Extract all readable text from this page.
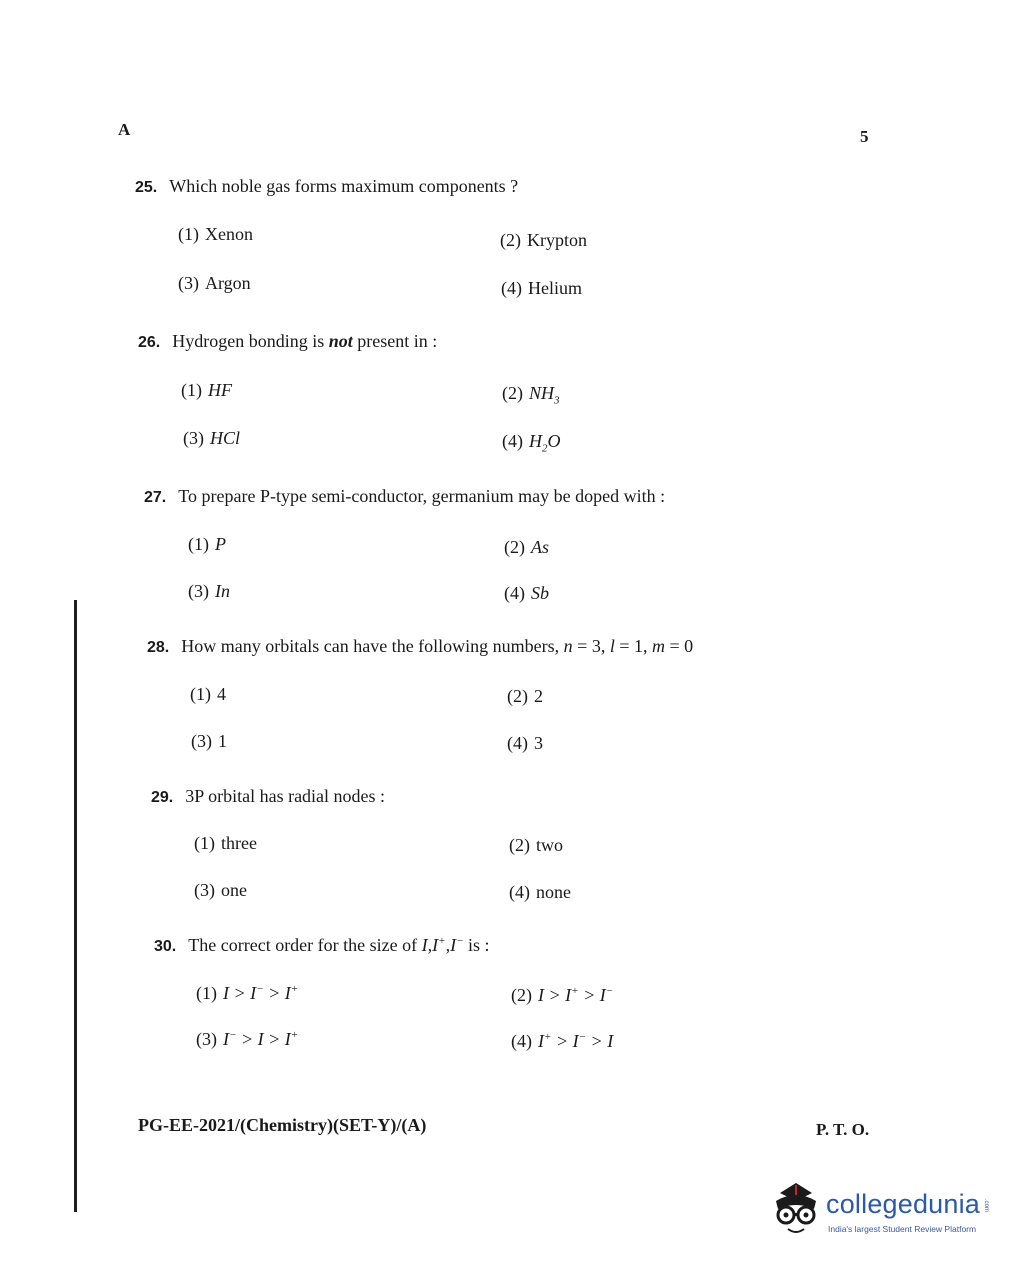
A	5
25. Which noble gas forms maximum components ?
(1) Xenon	(2) Krypton
(3) Argon	(4) Helium
26. Hydrogen bonding is not present in :
(1) HF	(2) $NH_3$
(3) HCl	(4) $H_2O$
27. To prepare P-type semi-conductor, germanium may be doped with :
(1) P	(2) As
(3) In	(4) Sb
28. How many orbitals can have the following numbers, n = 3, l = 1, m = 0
(1) 4	(2) 2
(3) 1	(4) 3
29. 3P orbital has radial nodes :
(1) three	(2) two
(3) one	(4) none
30. The correct order for the size of I,I+,I− is :
(1) I > I− > I+	(2) I > I+ > I−
(3) I− > I > I+	(4) I+ > I− > I
PG-EE-2021/(Chemistry)(SET-Y)/(A)	P. T. O.
collegedunia .com
India's largest Student Review Platform
